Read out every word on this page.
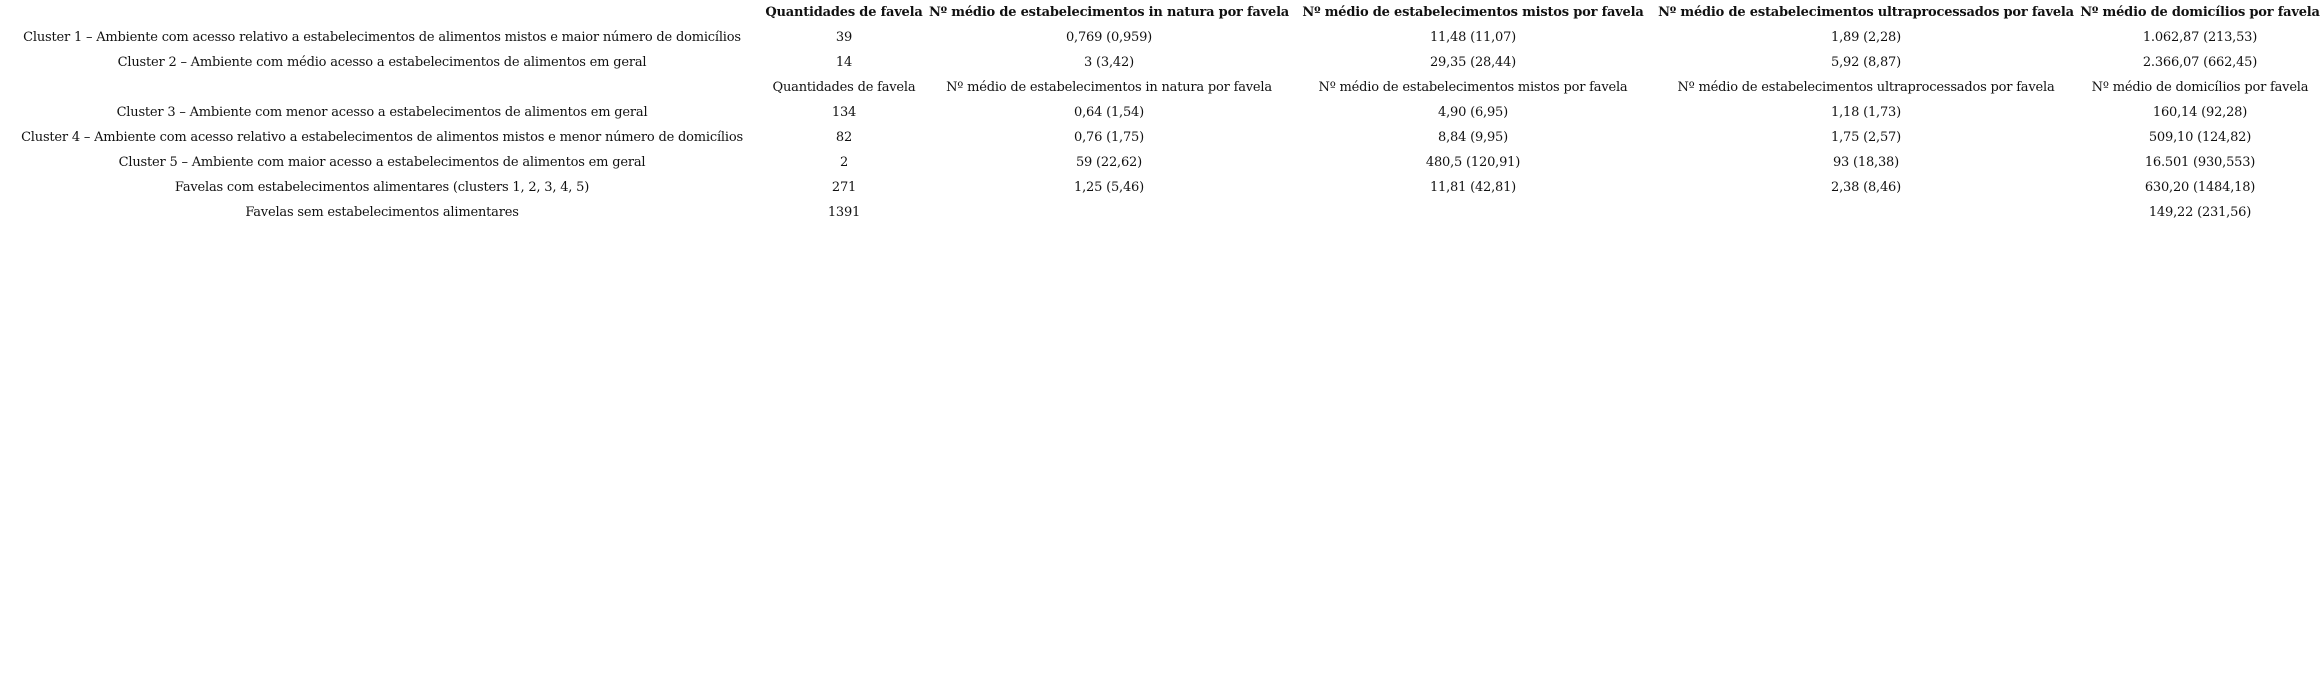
	Quantidades de favela	Nº médio de estabelecimentos in natura por favela	Nº médio de estabelecimentos mistos por favela	Nº médio de estabelecimentos ultraprocessados por favela	Nº médio de domicílios por favela
Cluster 1 – Ambiente com acesso relativo a estabelecimentos de alimentos mistos e maior número de domicílios	39	0,769 (0,959)	11,48 (11,07)	1,89 (2,28)	1.062,87 (213,53)
Cluster 2 – Ambiente com médio acesso a estabelecimentos de alimentos em geral	14	3 (3,42)	29,35 (28,44)	5,92 (8,87)	2.366,07 (662,45)
	Quantidades de favela	Nº médio de estabelecimentos in natura por favela	Nº médio de estabelecimentos mistos por favela	Nº médio de estabelecimentos ultraprocessados por favela	Nº médio de domicílios por favela
Cluster 3 – Ambiente com menor acesso a estabelecimentos de alimentos em geral	134	0,64 (1,54)	4,90 (6,95)	1,18 (1,73)	160,14 (92,28)
Cluster 4 – Ambiente com acesso relativo a estabelecimentos de alimentos mistos e menor número de domicílios	82	0,76 (1,75)	8,84 (9,95)	1,75 (2,57)	509,10 (124,82)
Cluster 5 – Ambiente com maior acesso a estabelecimentos de alimentos em geral	2	59 (22,62)	480,5 (120,91)	93 (18,38)	16.501 (930,553)
Favelas com estabelecimentos alimentares (clusters 1, 2, 3, 4, 5)	271	1,25 (5,46)	11,81 (42,81)	2,38 (8,46)	630,20 (1484,18)
Favelas sem estabelecimentos alimentares	1391				149,22 (231,56)
